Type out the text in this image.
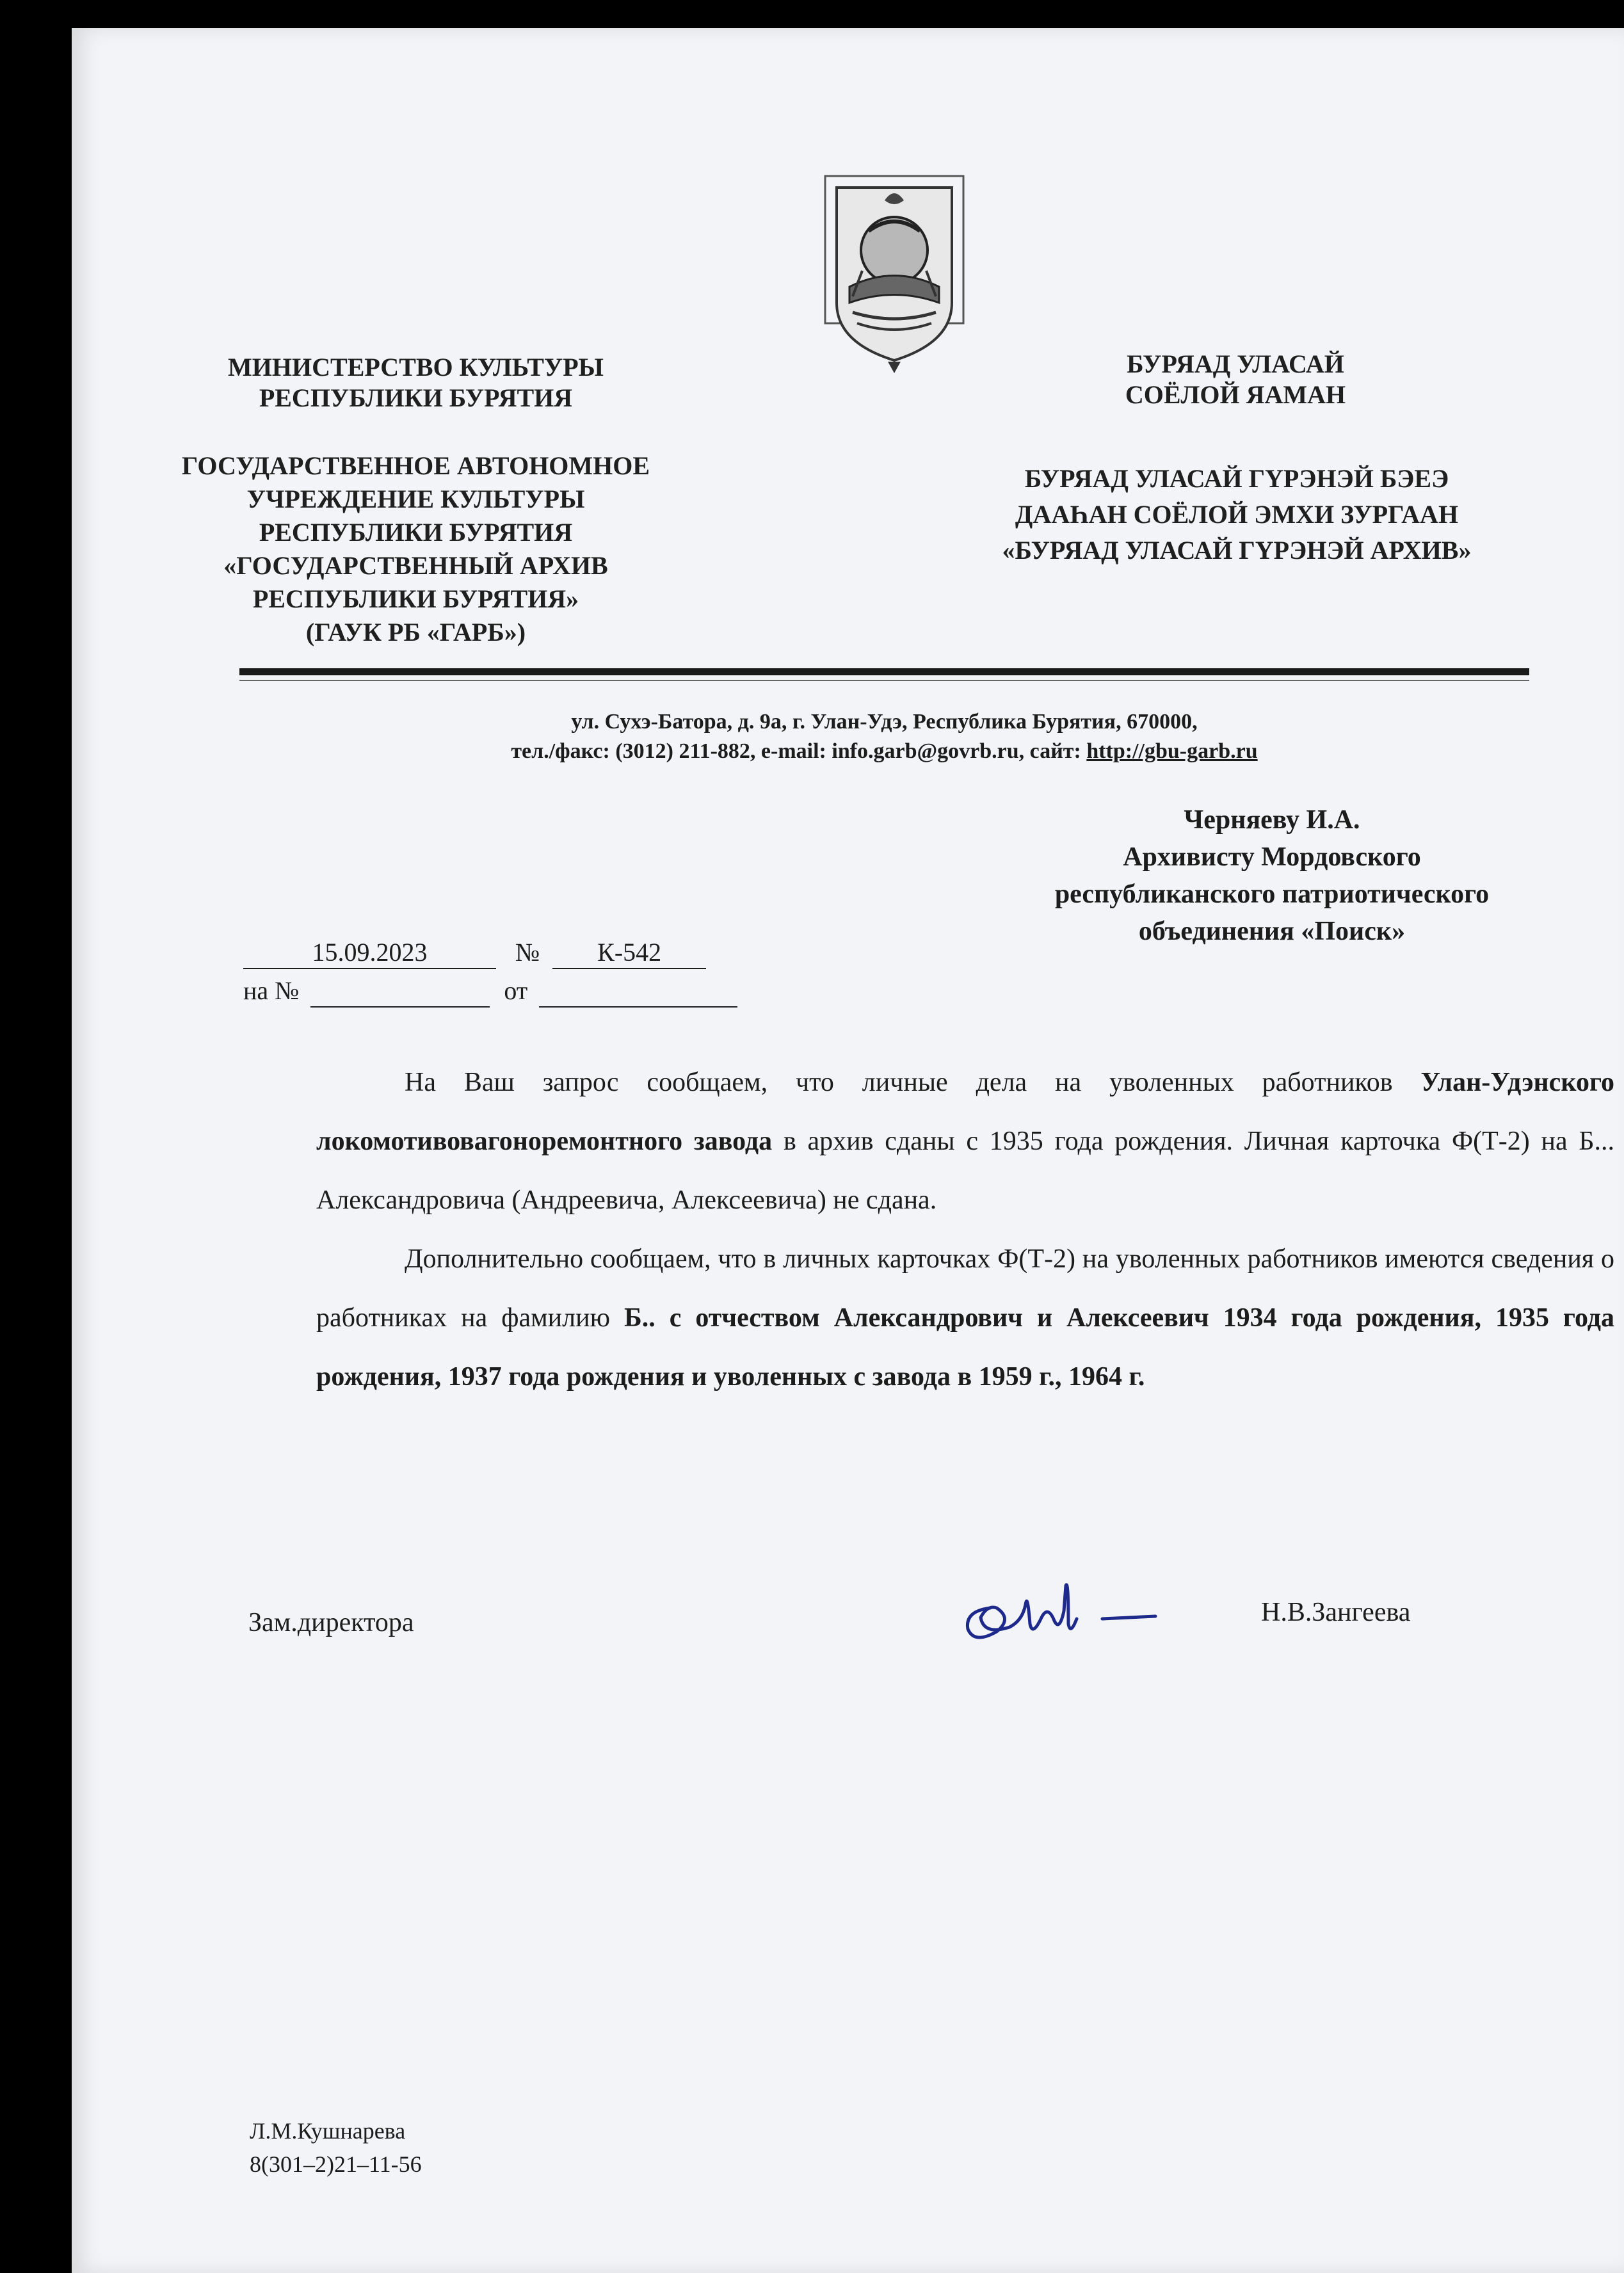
МИНИСТЕРСТВО КУЛЬТУРЫ
РЕСПУБЛИКИ БУРЯТИЯ
ГОСУДАРСТВЕННОЕ АВТОНОМНОЕ
УЧРЕЖДЕНИЕ КУЛЬТУРЫ
РЕСПУБЛИКИ БУРЯТИЯ
«ГОСУДАРСТВЕННЫЙ АРХИВ
РЕСПУБЛИКИ БУРЯТИЯ»
(ГАУК РБ «ГАРБ»)
БУРЯАД УЛАСАЙ
СОЁЛОЙ ЯАМАН
БУРЯАД УЛАСАЙ ГҮРЭНЭЙ БЭЕЭ
ДААҺАН СОЁЛОЙ ЭМХИ ЗУРГААН
«БУРЯАД УЛАСАЙ ГҮРЭНЭЙ АРХИВ»
ул. Сухэ-Батора, д. 9а, г. Улан-Удэ, Республика Бурятия, 670000,
тел./факс: (3012) 211-882, e-mail: info.garb@govrb.ru, сайт: http://gbu-garb.ru
Черняеву И.А.
Архивисту Мордовского
республиканского патриотического
объединения «Поиск»
15.09.2023	№ К-542
на №	от

На Ваш запрос сообщаем, что личные дела на уволенных работников Улан-Удэнского локомотивовагоноремонтного завода в архив сданы с 1935 года рождения. Личная карточка Ф(Т-2) на Б... Александровича (Андреевича, Алексеевича) не сдана.

Дополнительно сообщаем, что в личных карточках Ф(Т-2) на уволенных работников имеются сведения о работниках на фамилию Б.. с отчеством Александрович и Алексеевич 1934 года рождения, 1935 года рождения, 1937 года рождения и уволенных с завода в 1959 г., 1964 г.

Зам.директора	Н.В.Зангеева
Л.М.Кушнарева
8(301–2)21–11-56
